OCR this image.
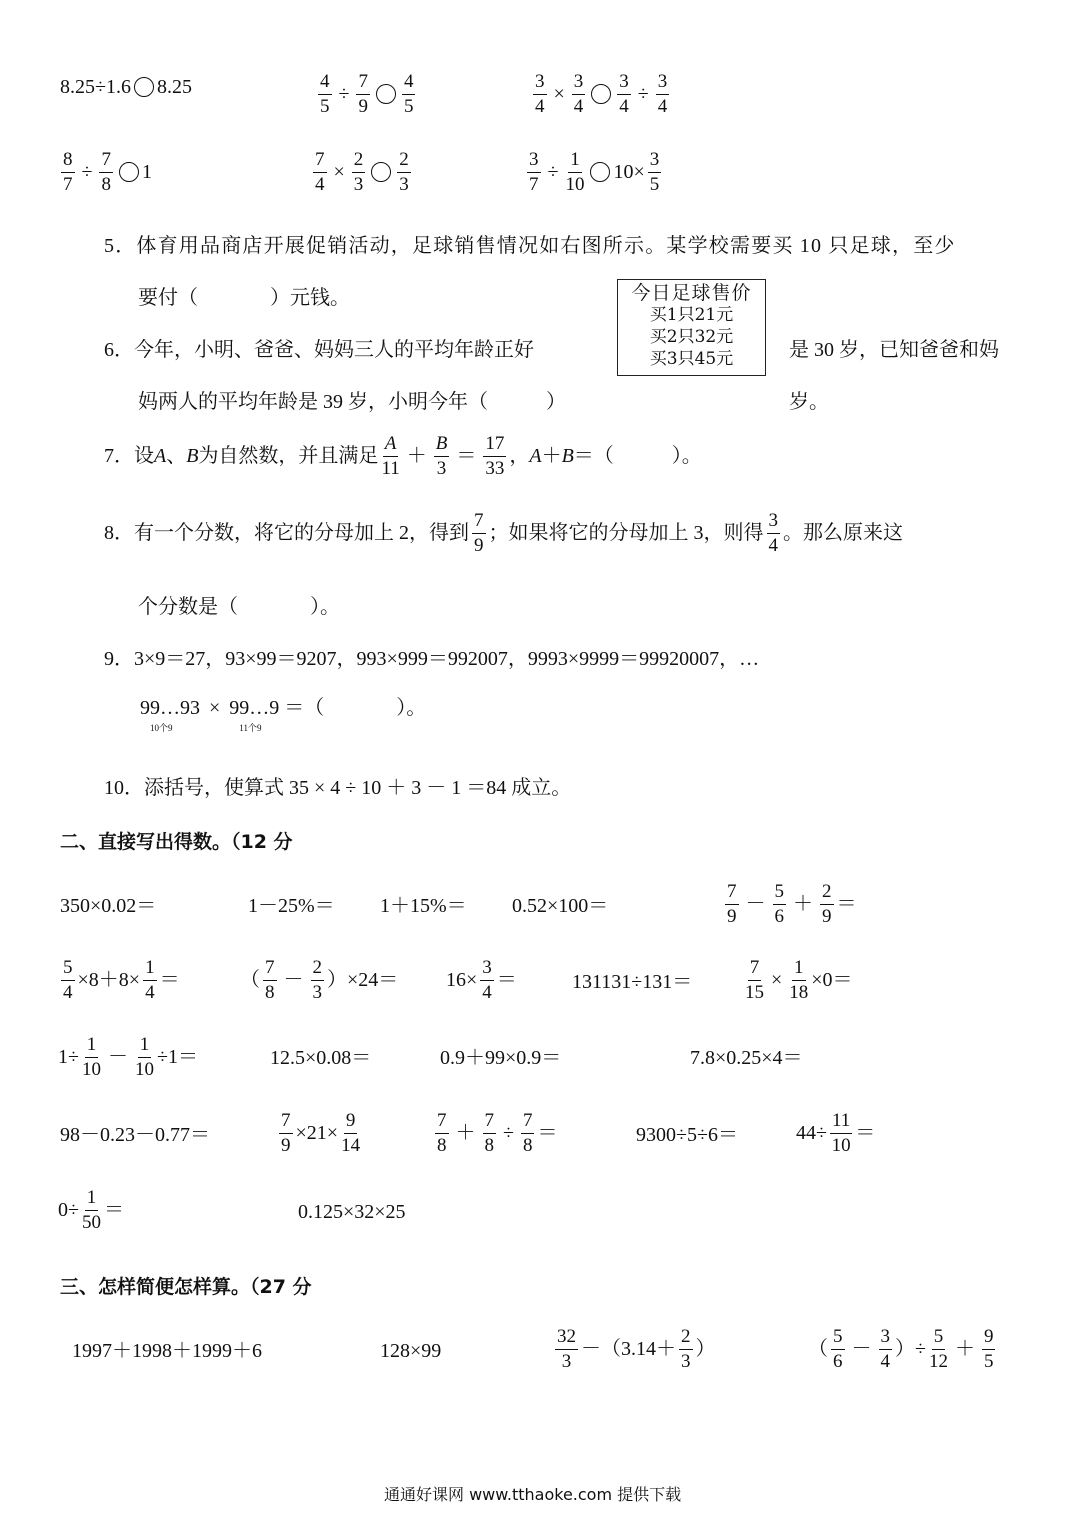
8.25÷1.6 8.25	$\frac{4}{5} \div \frac{7}{9} \frac{4}{5}$	$\frac{3}{4} \times \frac{3}{4} \frac{3}{4} \div \frac{3}{4}$
$\frac{8}{7} \div \frac{7}{8} 1$	$\frac{7}{4} \times \frac{2}{3} \frac{2}{3}$	$\frac{3}{7} \div \frac{1}{10} 10\times \frac{3}{5}$
5．体育用品商店开展促销活动，足球销售情况如右图所示。某学校需要买 10 只足球，至少
要付（	）元钱。	今日足球售价
买1只21元
买2只32元
买3只45元
6．今年，小明、爸爸、妈妈三人的平均年龄正好	是 30 岁，已知爸爸和妈
妈两人的平均年龄是 39 岁，小明今年（	）	岁。
7．设 A 、 B 为自然数，并且满足 $\frac{A}{11} + \frac{B}{3} = \frac{17}{33}$ ， A ＋ B ＝（	）。
8．有一个分数，将它的分母加上 2，得到 $\frac{7}{9}$ ；如果将它的分母加上 3，则得 $\frac{3}{4}$ 。那么原来这
个分数是（	）。
9．3×9＝27，93×99＝9207，993×999＝992007，9993×9999＝99920007，…
99…93
10个9
× 99…9
11个9
＝（	）。
10．添括号，使算式 35 × 4 ÷ 10 ＋ 3 － 1 ＝84 成立。
二、直接写出得数。（12 分
350×0.02＝	1－25%＝ 1＋15%＝ 0.52×100＝	$\frac{7}{9} - \frac{5}{6} + \frac{2}{9}$ ＝
$\frac{5}{4} \times 8+8\times \frac{1}{4}$ ＝	（ $\frac{7}{8} - \frac{2}{3} )\times 24= 16\times \frac{3}{4}$ ＝	131131÷131＝	$\frac{7}{15} \times \frac{1}{18} \times 0=$
$1\div \frac{1}{10} - \frac{1}{10} \div 1=$	12.5×0.08＝	0.9＋99×0.9＝	7.8×0.25×4＝
98－0.23－0.77＝	$\frac{7}{9} \times 21\times \frac{9}{14}$	$\frac{7}{8} + \frac{7}{8} \div \frac{7}{8}$ ＝	9300÷5÷6＝	$44\div \frac{11}{10}$ ＝
$0\div \frac{1}{50}$ ＝	0.125×32×25
三、怎样简便怎样算。（27 分
1997＋1998＋1999＋6	128×99	$\frac{32}{3} -(3.14+ \frac{2}{3}$ ）	（ $\frac{5}{6} - \frac{3}{4}$ ）÷ $\frac{5}{12} + \frac{9}{5}$
通通好课网 www.tthaoke.com 提供下载
